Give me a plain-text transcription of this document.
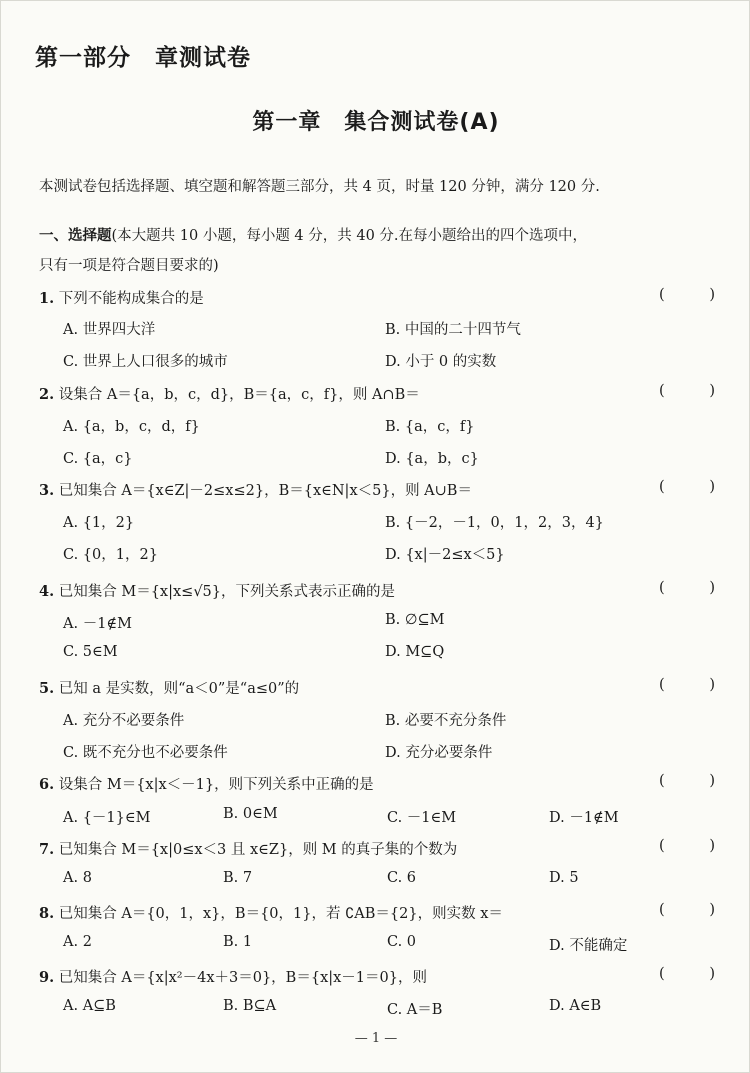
第一部分　章测试卷
第一章　集合测试卷(A)
本测试卷包括选择题、填空题和解答题三部分，共 4 页，时量 120 分钟，满分 120 分.
一、选择题(本大题共 10 小题，每小题 4 分，共 40 分.在每小题给出的四个选项中，
只有一项是符合题目要求的)
1. 下列不能构成集合的是	(	)
A. 世界四大洋	B. 中国的二十四节气
C. 世界上人口很多的城市	D. 小于 0 的实数
2. 设集合 A＝{a，b，c，d}，B＝{a，c，f}，则 A∩B＝	(	)
A. {a，b，c，d，f}	B. {a，c，f}
C. {a，c}	D. {a，b，c}
3. 已知集合 A＝{x∈Z|－2≤x≤2}，B＝{x∈N|x＜5}，则 A∪B＝	(	)
A. {1，2}	B. {－2，－1，0，1，2，3，4}
C. {0，1，2}	D. {x|－2≤x＜5}
4. 已知集合 M＝{x|x≤√5}，下列关系式表示正确的是	(	)
A. －1∉M	B. ∅⊆M
C. 5∈M	D. M⊆Q
5. 已知 a 是实数，则“a＜0”是“a≤0”的	(	)
A. 充分不必要条件	B. 必要不充分条件
C. 既不充分也不必要条件	D. 充分必要条件
6. 设集合 M＝{x|x＜－1}，则下列关系中正确的是	(	)
A. {－1}∈M	B. 0∈M	C. －1∈M	D. －1∉M
7. 已知集合 M＝{x|0≤x＜3 且 x∈Z}，则 M 的真子集的个数为	(	)
A. 8	B. 7	C. 6	D. 5
8. 已知集合 A＝{0，1，x}，B＝{0，1}，若 ∁AB＝{2}，则实数 x＝	(	)
A. 2	B. 1	C. 0	D. 不能确定
9. 已知集合 A＝{x|x²－4x＋3＝0}，B＝{x|x－1＝0}，则	(	)
A. A⊆B	B. B⊆A	C. A＝B	D. A∈B
— 1 —
